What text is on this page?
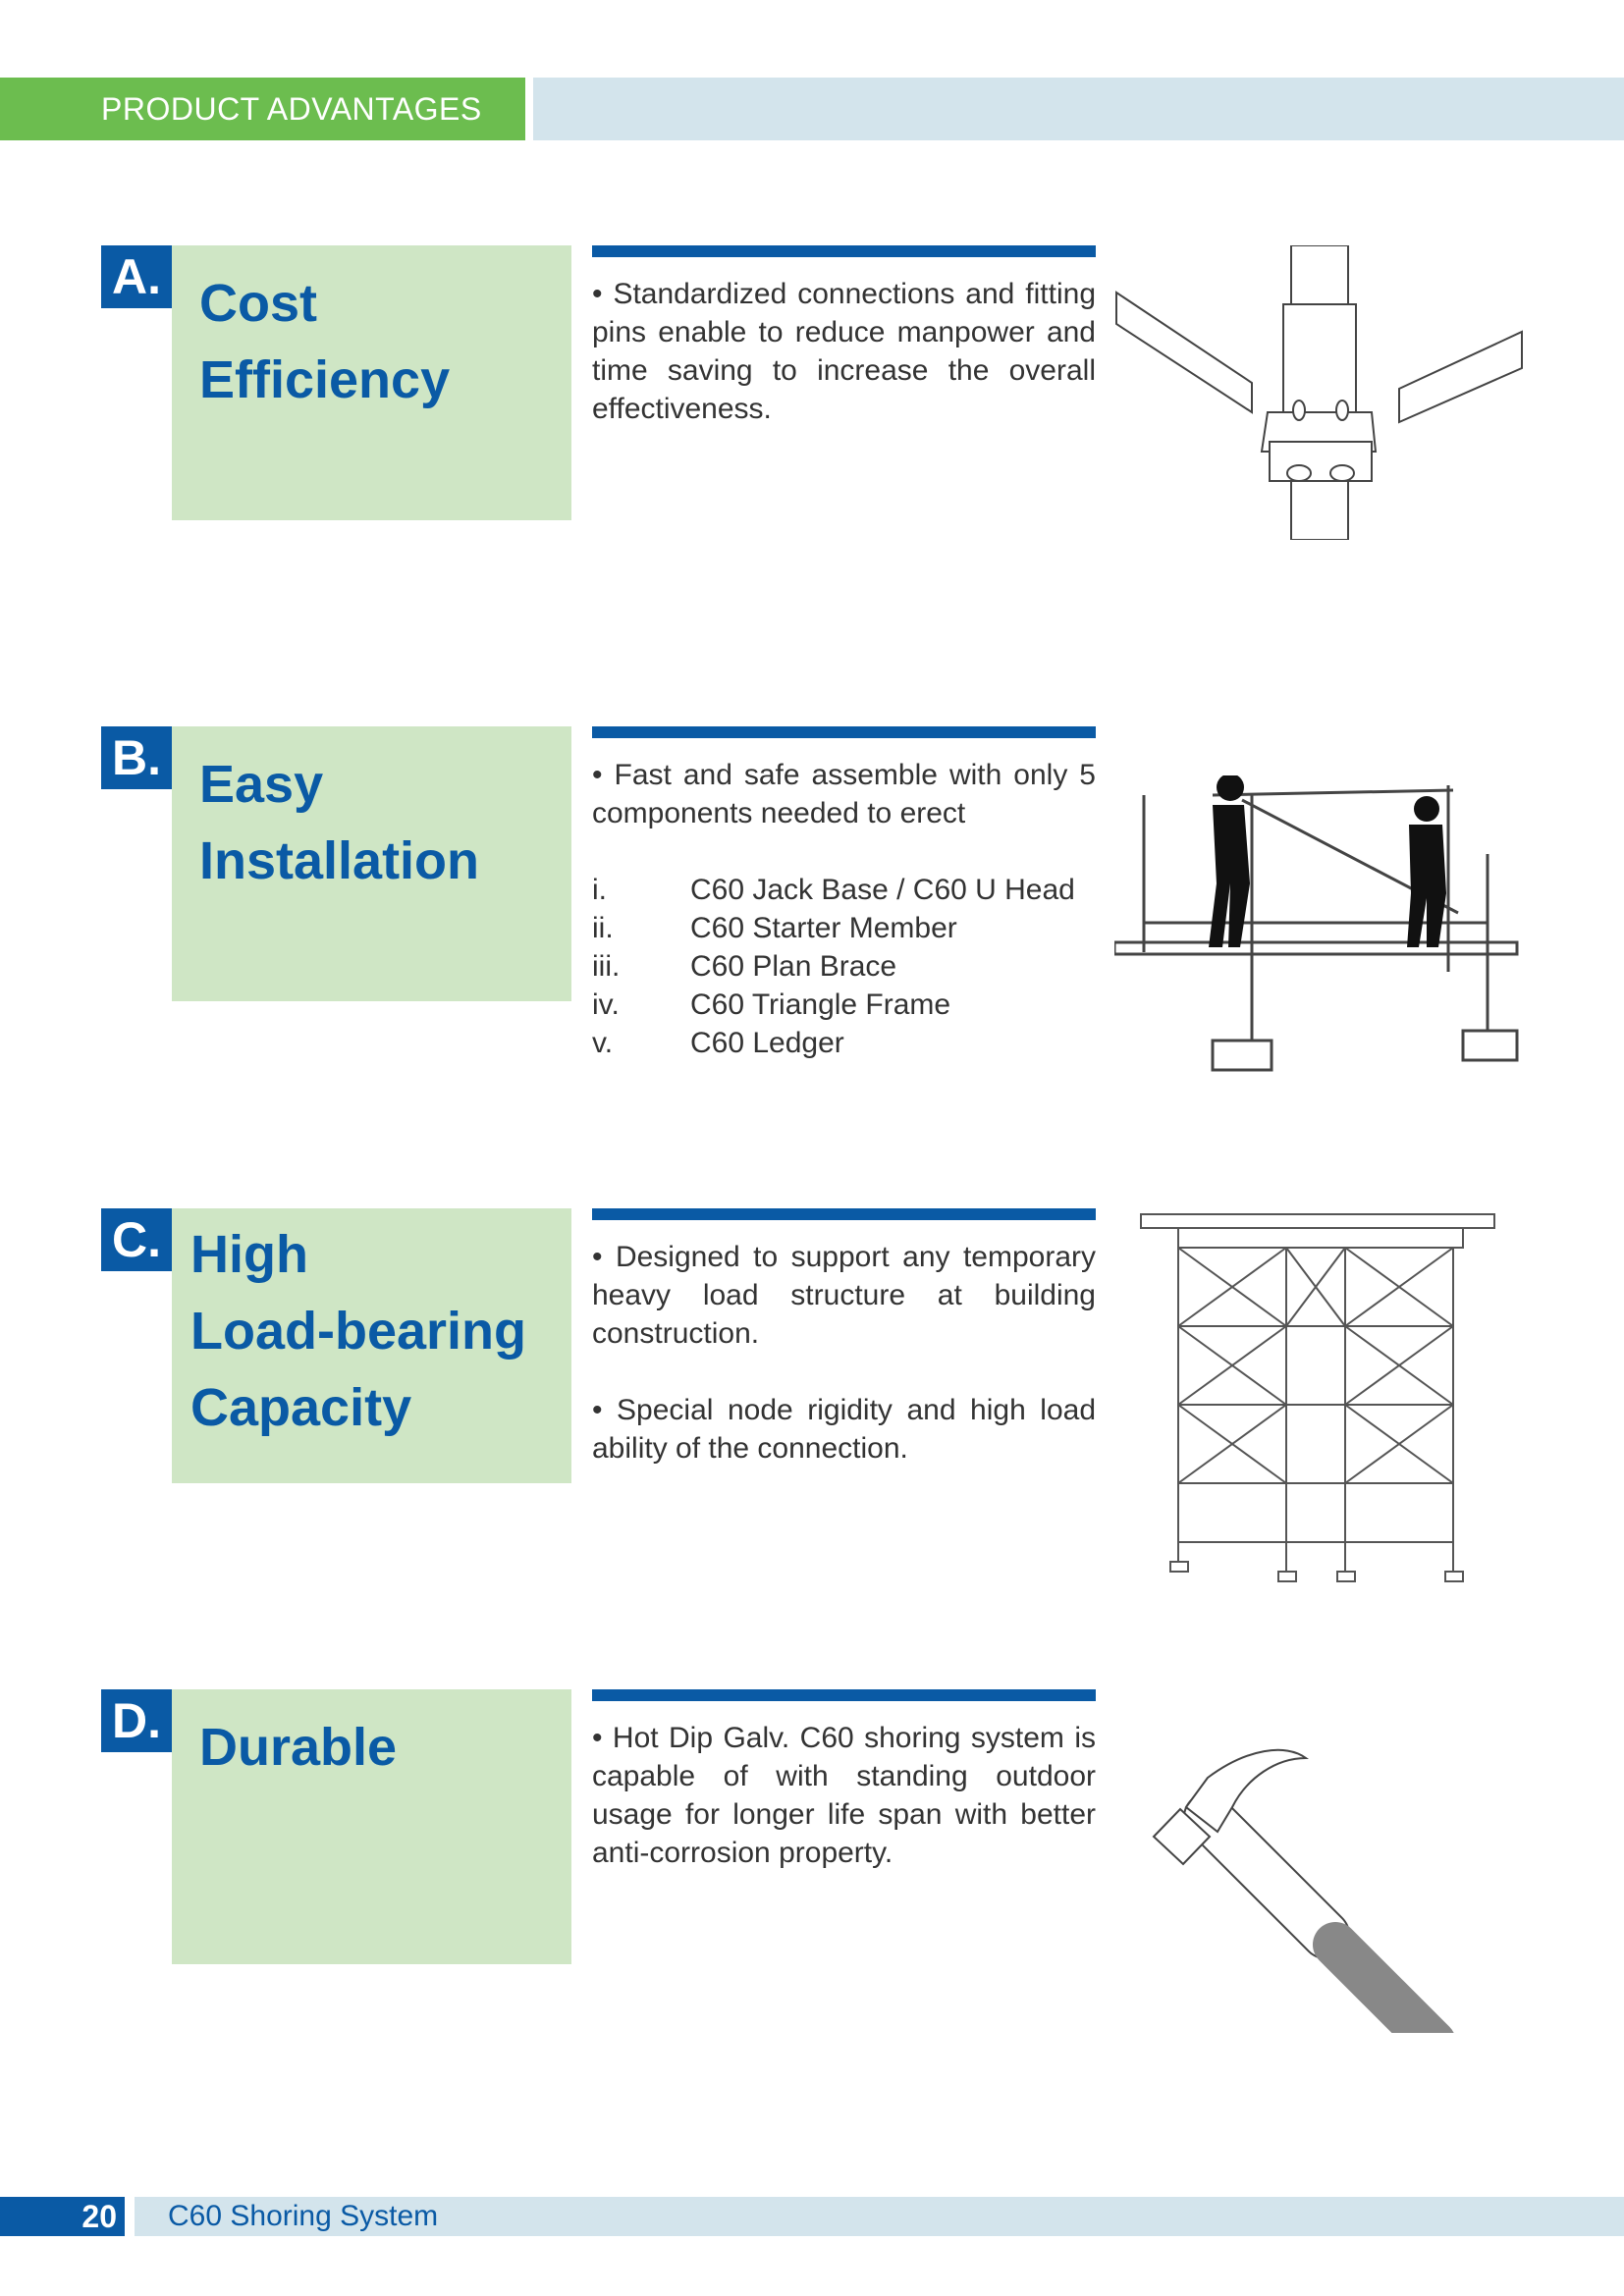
PRODUCT ADVANTAGES
A. Cost
Efficiency

• Standardized connections and fitting pins enable to reduce manpower and time saving to increase the overall effectiveness.

B. Easy
Installation

• Fast and safe assemble with only 5 components needed to erect

i.	C60 Jack Base / C60 U Head
ii.	C60 Starter Member
iii.	C60 Plan Brace
iv.	C60 Triangle Frame
v.	C60 Ledger
C. High
Load-bearing
Capacity

• Designed to support any temporary heavy load structure at building construction.

• Special node rigidity and high load ability of the connection.

D. Durable	• Hot Dip Galv. C60 shoring system is capable of with standing outdoor usage for longer life span with better anti-corrosion property.

20	C60 Shoring System
